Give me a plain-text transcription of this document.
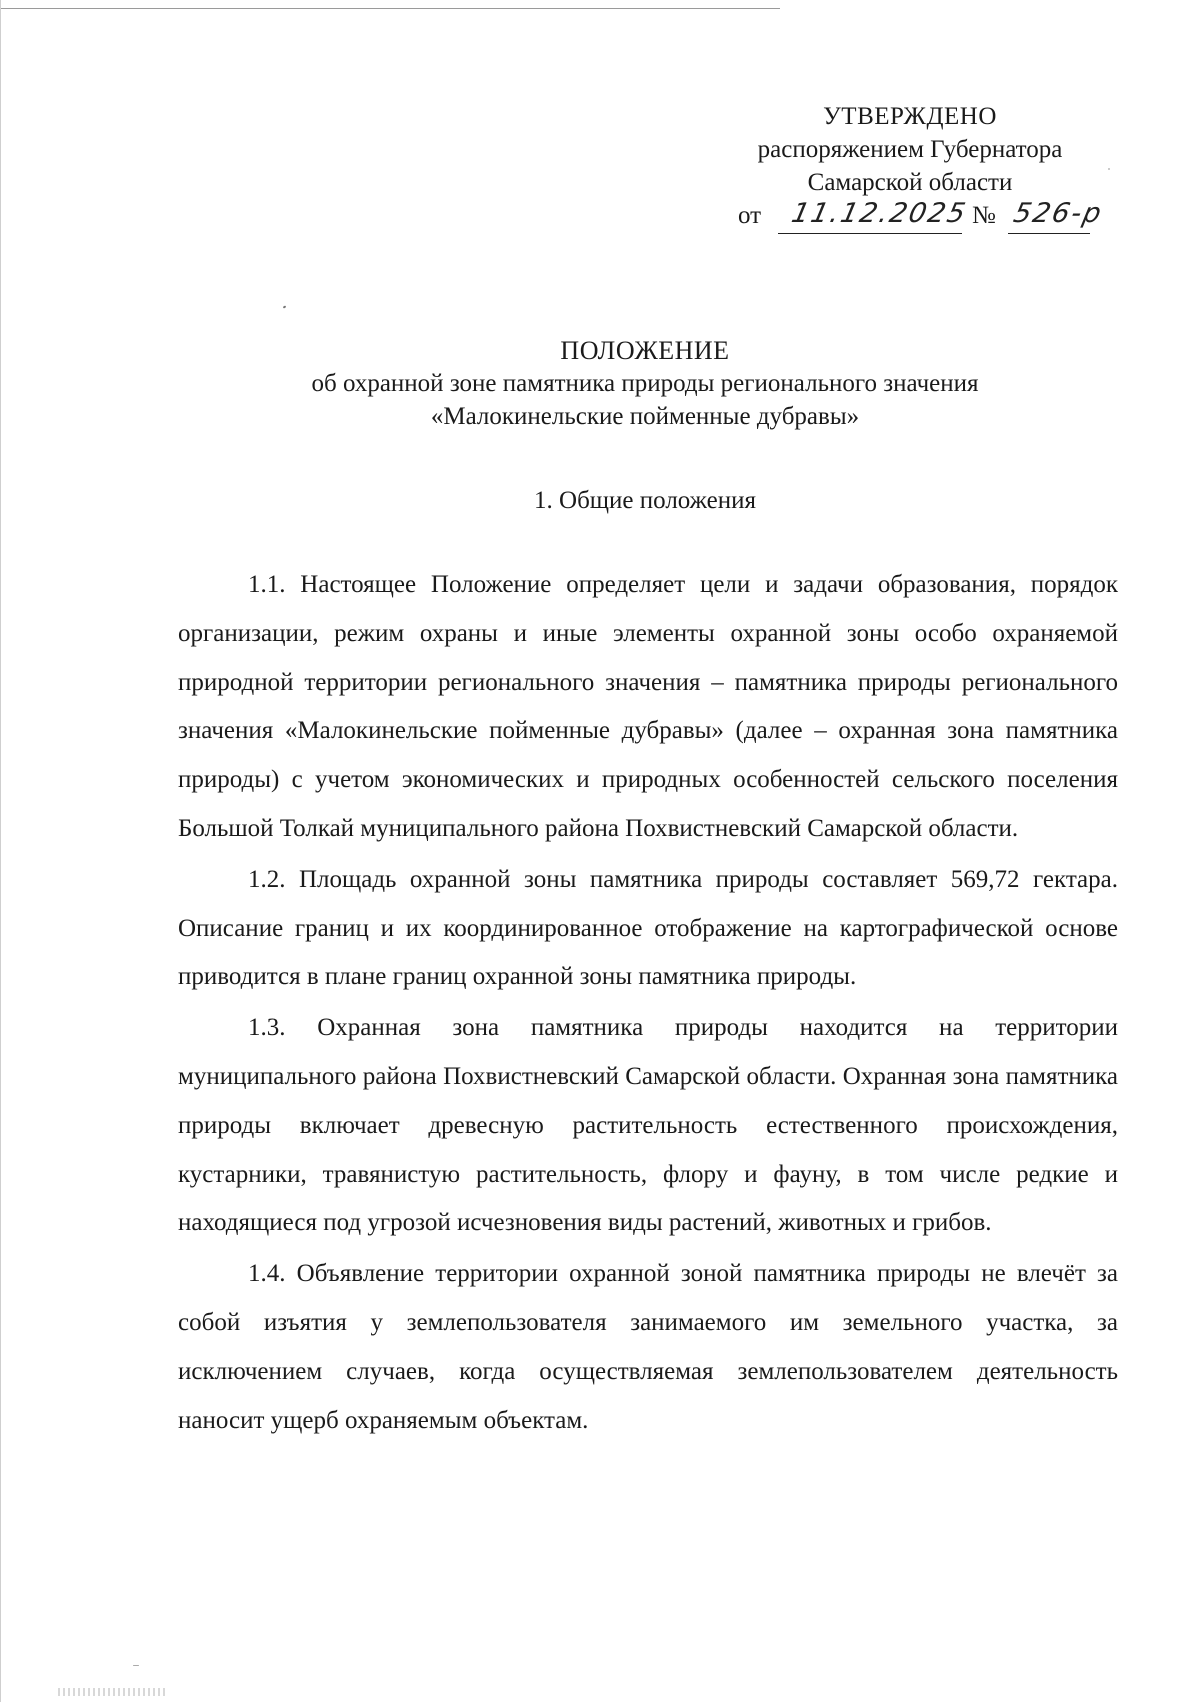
УТВЕРЖДЕНО
распоряжением Губернатора
Самарской области
от 11.12.2025 № 526-р
ПОЛОЖЕНИЕ
об охранной зоне памятника природы регионального значения
«Малокинельские пойменные дубравы»
1. Общие положения

1.1. Настоящее Положение определяет цели и задачи образования, порядок организации, режим охраны и иные элементы охранной зоны особо охраняемой природной территории регионального значения – памятника природы регионального значения «Малокинельские пойменные дубравы» (далее – охранная зона памятника природы) с учетом экономических и природных особенностей сельского поселения Большой Толкай муниципального района Похвистневский Самарской области.

1.2. Площадь охранной зоны памятника природы составляет 569,72 гектара. Описание границ и их координированное отображение на картографической основе приводится в плане границ охранной зоны памятника природы.

1.3. Охранная зона памятника природы находится на территории муниципального района Похвистневский Самарской области. Охранная зона памятника природы включает древесную растительность естественного происхождения, кустарники, травянистую растительность, флору и фауну, в том числе редкие и находящиеся под угрозой исчезновения виды растений, животных и грибов.

1.4. Объявление территории охранной зоной памятника природы не влечёт за собой изъятия у землепользователя занимаемого им земельного участка, за исключением случаев, когда осуществляемая землепользователем деятельность наносит ущерб охраняемым объектам.
